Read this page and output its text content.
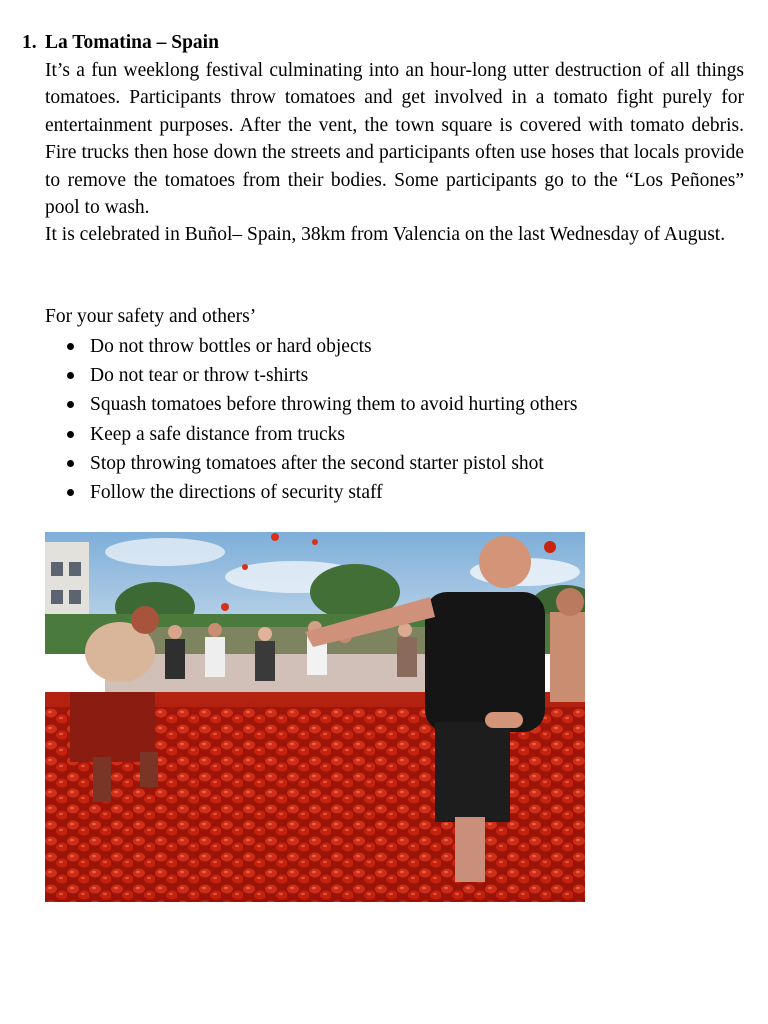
1. La Tomatina – Spain

It’s a fun weeklong festival culminating into an hour-long utter destruction of all things tomatoes. Participants throw tomatoes and get involved in a tomato fight purely for entertainment purposes. After the vent, the town square is covered with tomato debris. Fire trucks then hose down the streets and participants often use hoses that locals provide to remove the tomatoes from their bodies. Some participants go to the “Los Peñones” pool to wash.

It is celebrated in Buñol– Spain, 38km from Valencia on the last Wednesday of August.

For your safety and others’

Do not throw bottles or hard objects
Do not tear or throw t-shirts
Squash tomatoes before throwing them to avoid hurting others
Keep a safe distance from trucks
Stop throwing tomatoes after the second starter pistol shot
Follow the directions of security staff
